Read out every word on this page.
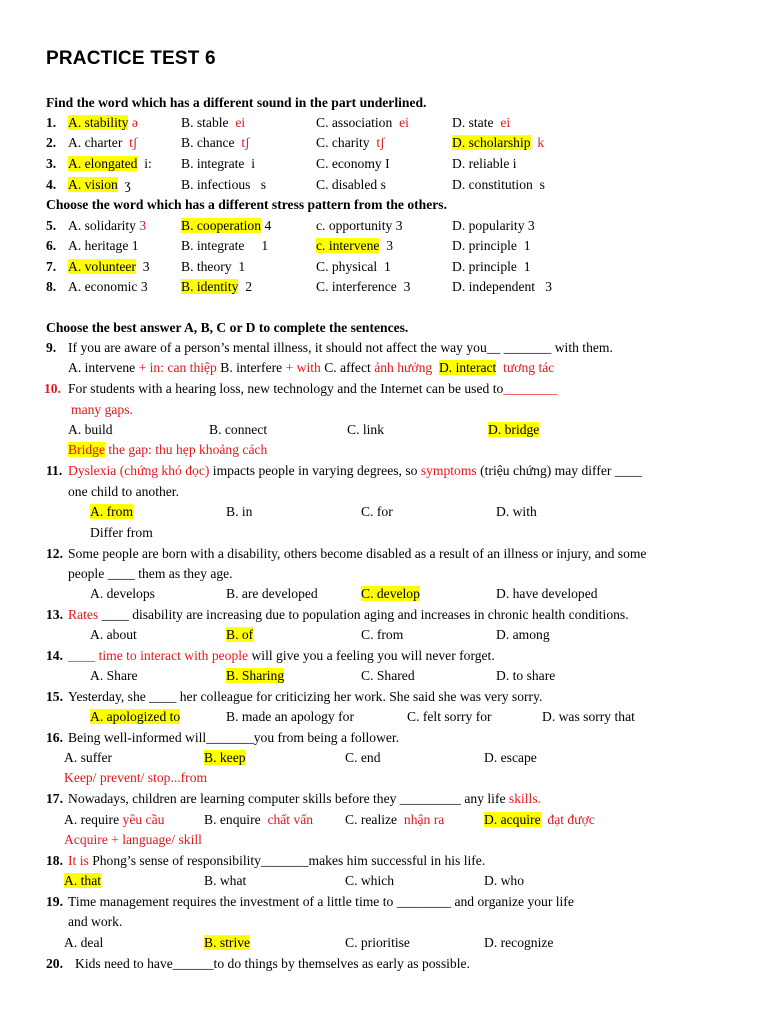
PRACTICE TEST 6
Find the word which has a different sound in the part underlined.
1. A. stability ə	B. stable ei	C. association ei	D. state ei
2. A. charter tʃ	B. chance tʃ	C. charity tʃ	D. scholarship k
3. A. elongated i: B. integrate i	C. economy I	D. reliable i
4. A. vision ʒ	B. infectious s	C. disabled s	D. constitution s
Choose the word which has a different stress pattern from the others.
5. A. solidarity 3	B. cooperation 4	c. opportunity 3	D. popularity 3
6. A. heritage 1	B. integrate 1	c. intervene 3	D. principle 1
7. A. volunteer 3 B. theory 1	C. physical 1	D. principle 1
8. A. economic 3 B. identity 2	C. interference 3	D. independent 3
Choose the best answer A, B, C or D to complete the sentences.
9. If you are aware of a person’s mental illness, it should not affect the way you__ _______ with them.
A. intervene + in: can thiệp B. interfere + with C. affect ảnh hưởng D. interact tương tác
10. For students with a hearing loss, new technology and the Internet can be used to________
many gaps.
A. build	B. connect	C. link	D. bridge
Bridge the gap: thu hẹp khoảng cách
11. Dyslexia (chứng khó đọc) impacts people in varying degrees, so symptoms (triệu chứng) may differ ____
one child to another.
A. from	B. in	C. for	D. with
Differ from
12. Some people are born with a disability, others become disabled as a result of an illness or injury, and some
people ____ them as they age.
A. develops	B. are developed	C. develop	D. have developed
13. Rates ____ disability are increasing due to population aging and increases in chronic health conditions.
A. about	B. of	C. from	D. among
14. ____ time to interact with people will give you a feeling you will never forget.
A. Share	B. Sharing	C. Shared	D. to share
15. Yesterday, she ____ her colleague for criticizing her work. She said she was very sorry.
A. apologized to	B. made an apology for	C. felt sorry for	D. was sorry that
16. Being well-informed will_______you from being a follower.
A. suffer	B. keep	C. end	D. escape
Keep/ prevent/ stop...from
17. Nowadays, children are learning computer skills before they _________ any life skills.
A. require yêu cầu	B. enquire chất vấn C. realize nhận ra	D. acquire đạt được
Acquire + language/ skill
18. It is Phong’s sense of responsibility_______makes him successful in his life.
A. that	B. what	C. which	D. who
19. Time management requires the investment of a little time to ________ and organize your life
and work.
A. deal	B. strive	C. prioritise	D. recognize
20. Kids need to have______to do things by themselves as early as possible.
